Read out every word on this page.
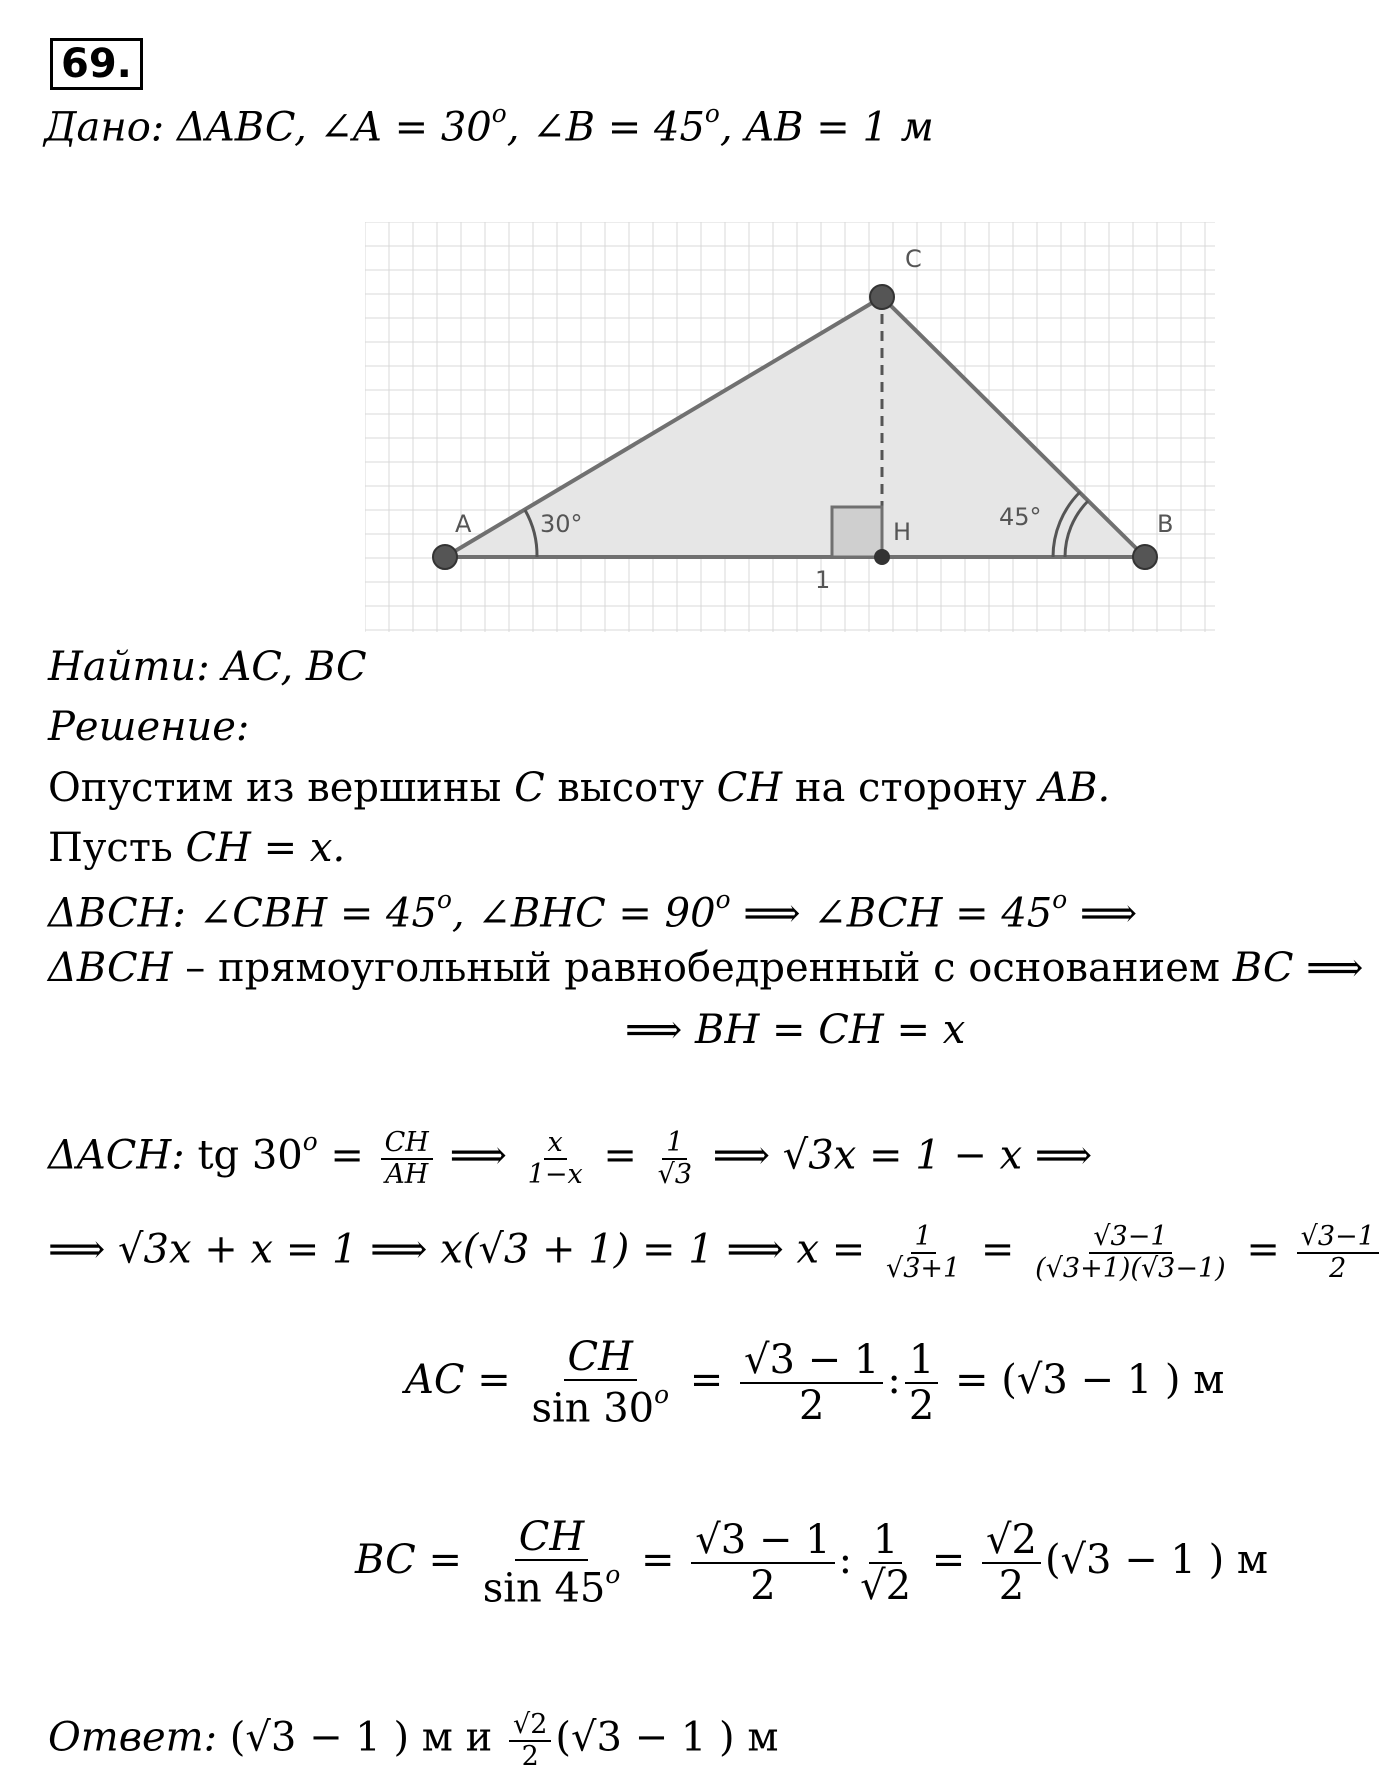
69.
Дано: ΔABC, ∠A = $30^o$, ∠B = $45^o$, AB = 1 м
A	B
C
H
30°	45°
1
Найти: AC, BC
Решение:
Опустим из вершины C высоту CH на сторону AB.
Пусть CH = x.
ΔBCH: ∠CBH = $45^o$, ∠BHC = $90^o$ ⟹ ∠BCH = $45^o$ ⟹
ΔBCH – прямоугольный равнобедренный с основанием BC ⟹
⟹ BH = CH = x
ΔACH: tg $30^o = \frac{CH}{AH}$ ⟹ $\frac{x}{1-x} = \frac{1}{√3}$ ⟹ √3x = 1 − x ⟹
⟹ √3x + x = 1 ⟹ x(√3 + 1) = 1 ⟹ $x = \frac{1}{√3+1} = \frac{√3-1}{(√3+1)(√3-1)} = \frac{√3-1}{2}$
AC = $\frac{CH}{\sin 30^o} = \frac{√3 - 1}{2}$ : $\frac{1}{2} = (√3 - 1$ ) м
BC = $\frac{CH}{\sin 45^o} = \frac{√3 - 1}{2}$ : $\frac{1}{√2} = \frac{√2}{2} (√3 - 1$ ) м
Ответ: (√3 − 1 ) м и $\frac{√2}{2} (√3 - 1$ ) м
